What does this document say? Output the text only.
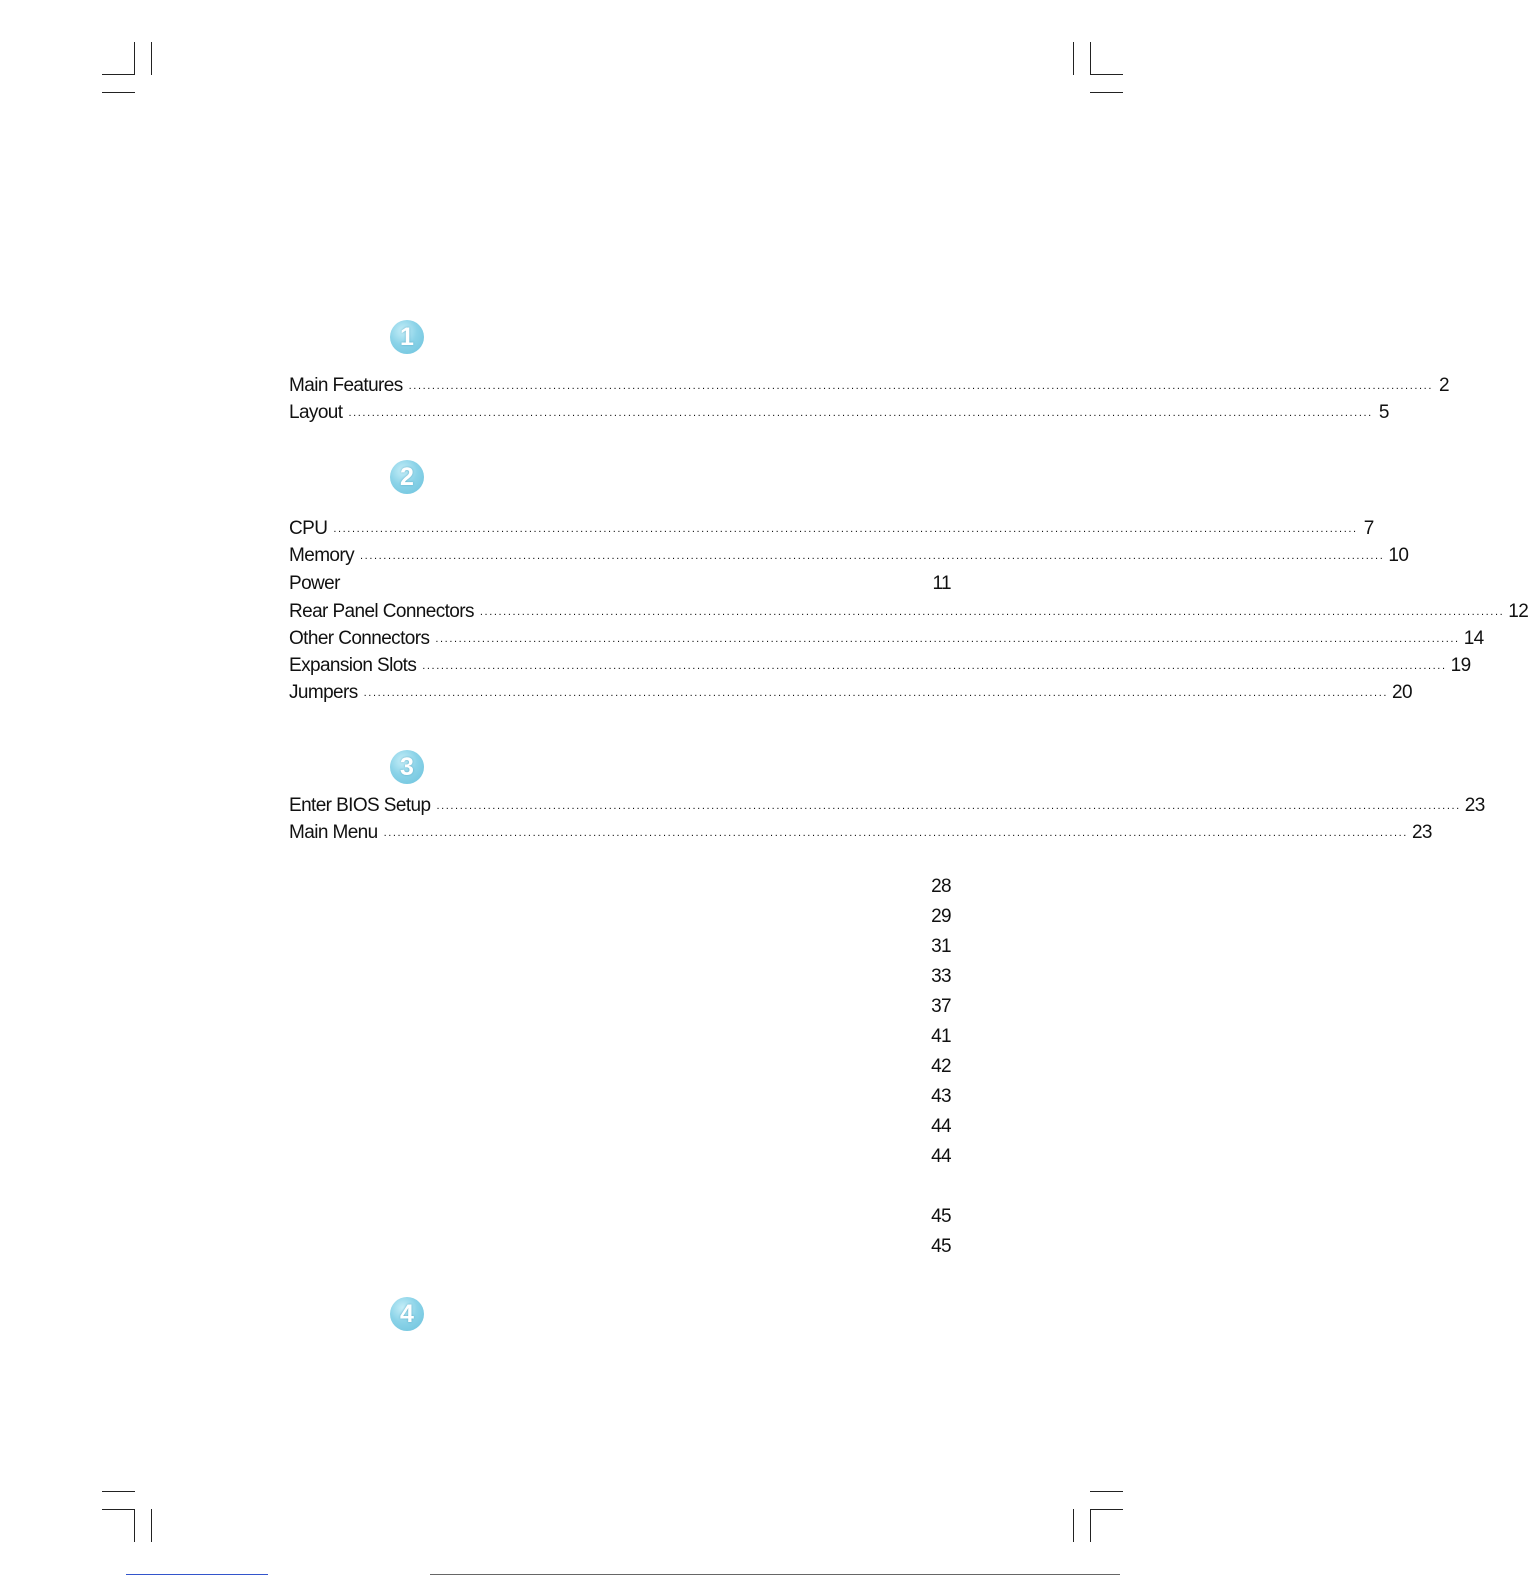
1
Main Features ............................................................................................................................................................................................................................ 2
Layout ............................................................................................................................................................................................................................ 5
2
CPU ............................................................................................................................................................................................................................ 7
Memory ............................................................................................................................................................................................................................ 10
Power	11
Rear Panel Connectors ............................................................................................................................................................................................................................ 12
Other Connectors ............................................................................................................................................................................................................................ 14
Expansion Slots ............................................................................................................................................................................................................................ 19
Jumpers ............................................................................................................................................................................................................................ 20
3
Enter BIOS Setup ............................................................................................................................................................................................................................ 23
Main Menu ............................................................................................................................................................................................................................ 23
28
29
31
33
37
41
42
43
44
44
45
45
4
